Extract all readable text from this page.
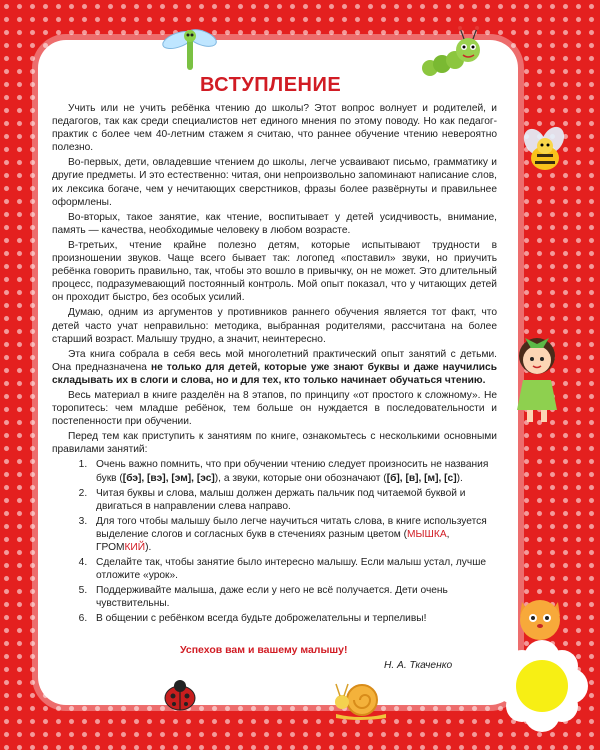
ВСТУПЛЕНИЕ

Учить или не учить ребёнка чтению до школы? Этот вопрос волнует и родителей, и педагогов, так как среди специалистов нет единого мнения по этому поводу. Но как педагог-практик с более чем 40-летним стажем я считаю, что раннее обучение чтению невероятно полезно.

Во-первых, дети, овладевшие чтением до школы, легче усваивают письмо, грамматику и другие предметы. И это естественно: читая, они непроизвольно запоминают написание слов, их лексика богаче, чем у нечитающих сверстников, фразы более развёрнуты и правильнее оформлены.

Во-вторых, такое занятие, как чтение, воспитывает у детей усидчивость, внимание, память — качества, необходимые человеку в любом возрасте.

В-третьих, чтение крайне полезно детям, которые испытывают трудности в произношении звуков. Чаще всего бывает так: логопед «поставил» звуки, но приучить ребёнка говорить правильно, так, чтобы это вошло в привычку, он не может. Это длительный процесс, подразумевающий постоянный контроль. Мой опыт показал, что у читающих детей он проходит быстро, без особых усилий.

Думаю, одним из аргументов у противников раннего обучения является тот факт, что детей часто учат неправильно: методика, выбранная родителями, рассчитана на более старший возраст. Малышу трудно, а значит, неинтересно.

Эта книга собрала в себя весь мой многолетний практический опыт занятий с детьми. Она предназначена не только для детей, которые уже знают буквы и даже научились складывать их в слоги и слова, но и для тех, кто только начинает обучаться чтению.

Весь материал в книге разделён на 8 этапов, по принципу «от простого к сложному». Не торопитесь: чем младше ребёнок, тем больше он нуждается в последовательности и постепенности при обучении.

Перед тем как приступить к занятиям по книге, ознакомьтесь с несколькими основными правилами занятий:

1. Очень важно помнить, что при обучении чтению следует произносить не названия букв ([бэ], [вэ], [эм], [эс]), а звуки, которые они обозначают ([б], [в], [м], [с]).
2. Читая буквы и слова, малыш должен держать пальчик под читаемой буквой и двигаться в направлении слева направо.
3. Для того чтобы малышу было легче научиться читать слова, в книге используется выделение слогов и согласных букв в стечениях разным цветом (МЫШКА, ГРОМКИЙ).
4. Сделайте так, чтобы занятие было интересно малышу. Если малыш устал, лучше отложите «урок».
5. Поддерживайте малыша, даже если у него не всё получается. Дети очень чувствительны.
6. В общении с ребёнком всегда будьте доброжелательны и терпеливы!
Успехов вам и вашему малышу!
Н. А. Ткаченко
